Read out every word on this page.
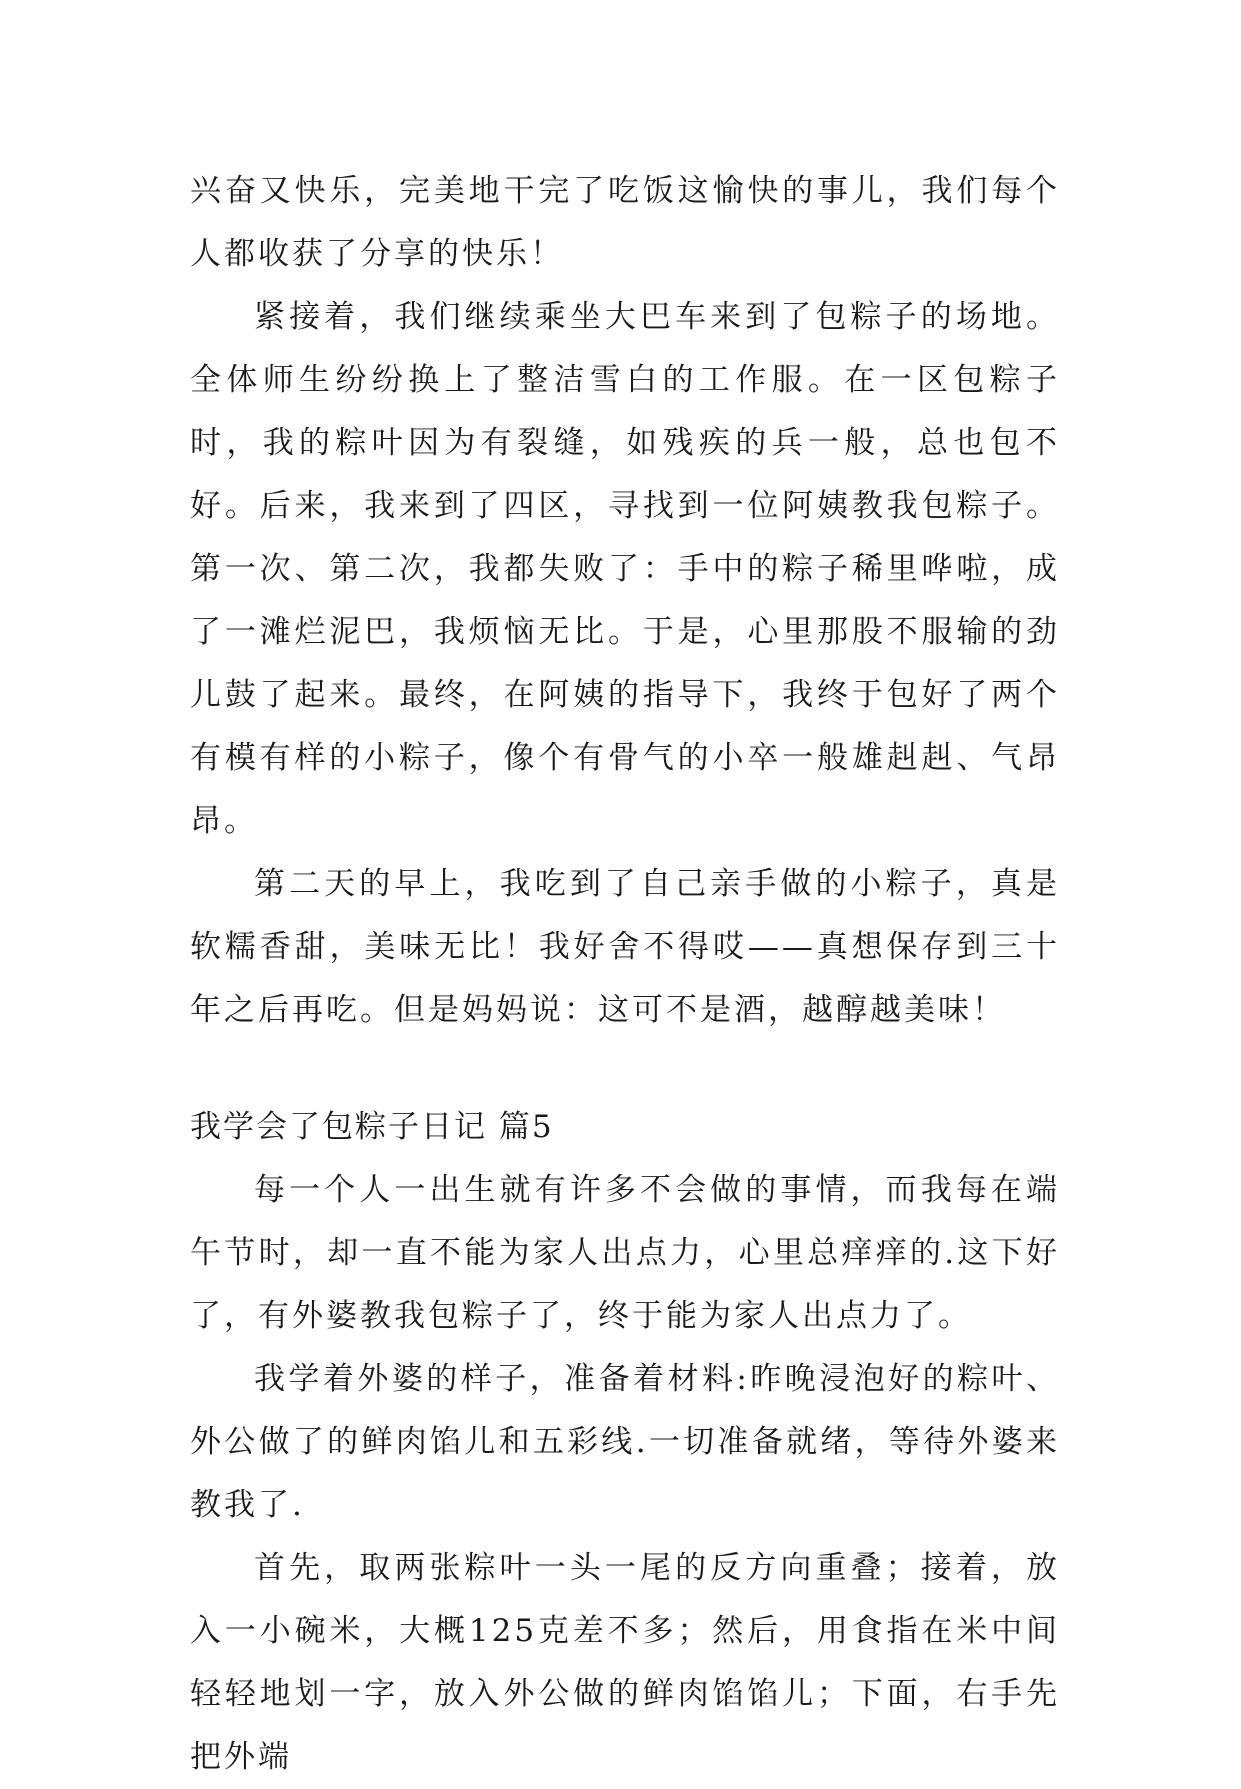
兴奋又快乐，完美地干完了吃饭这愉快的事儿，我们每个人都收获了分享的快乐！

紧接着，我们继续乘坐大巴车来到了包粽子的场地。全体师生纷纷换上了整洁雪白的工作服。在一区包粽子时，我的粽叶因为有裂缝，如残疾的兵一般，总也包不好。后来，我来到了四区，寻找到一位阿姨教我包粽子。第一次、第二次，我都失败了：手中的粽子稀里哗啦，成了一滩烂泥巴，我烦恼无比。于是，心里那股不服输的劲儿鼓了起来。最终，在阿姨的指导下，我终于包好了两个有模有样的小粽子，像个有骨气的小卒一般雄赳赳、气昂昂。

第二天的早上，我吃到了自己亲手做的小粽子，真是软糯香甜，美味无比！我好舍不得哎——真想保存到三十年之后再吃。但是妈妈说：这可不是酒，越醇越美味！

我学会了包粽子日记 篇5

每一个人一出生就有许多不会做的事情，而我每在端午节时，却一直不能为家人出点力，心里总痒痒的.这下好了，有外婆教我包粽子了，终于能为家人出点力了。

我学着外婆的样子，准备着材料:昨晚浸泡好的粽叶、外公做了的鲜肉馅儿和五彩线.一切准备就绪，等待外婆来教我了.

首先，取两张粽叶一头一尾的反方向重叠；接着，放入一小碗米，大概125克差不多；然后，用食指在米中间轻轻地划一字，放入外公做的鲜肉馅馅儿；下面，右手先把外端
